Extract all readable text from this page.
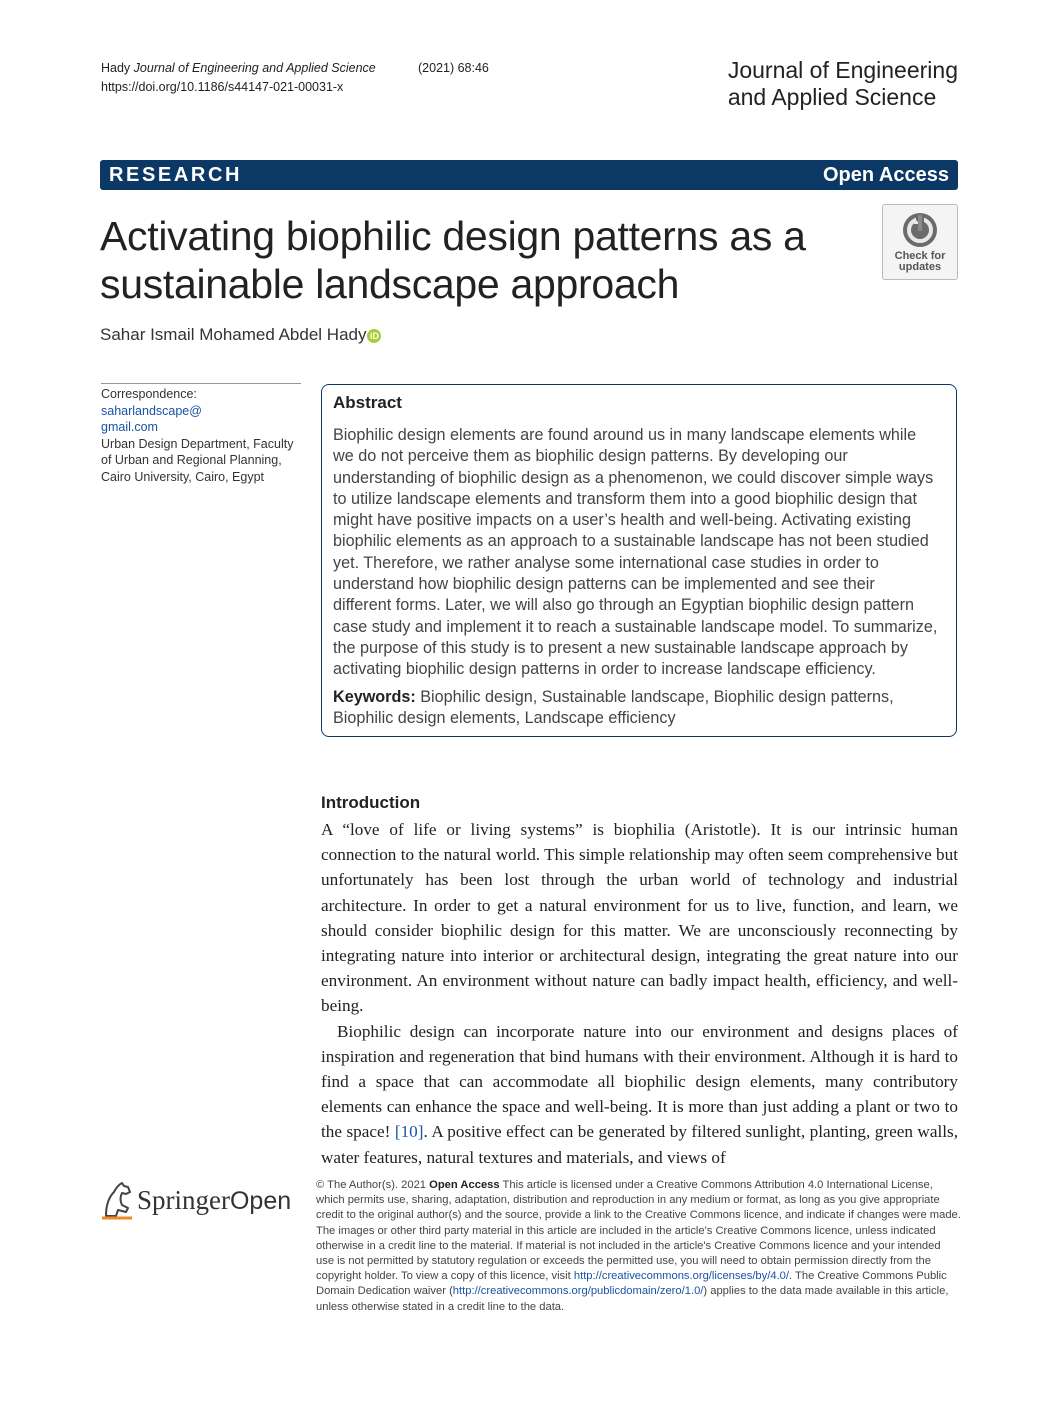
Hady Journal of Engineering and Applied Science	(2021) 68:46
https://doi.org/10.1186/s44147-021-00031-x
Journal of Engineering
and Applied Science
RESEARCH	Open Access
Activating biophilic design patterns as a
sustainable landscape approach
Check for
updates
Sahar Ismail Mohamed Abdel Hady iD
Correspondence: saharlandscape@
gmail.com
Urban Design Department, Faculty
of Urban and Regional Planning,
Cairo University, Cairo, Egypt
Abstract
Biophilic design elements are found around us in many landscape elements while
we do not perceive them as biophilic design patterns. By developing our
understanding of biophilic design as a phenomenon, we could discover simple ways
to utilize landscape elements and transform them into a good biophilic design that
might have positive impacts on a user’s health and well-being. Activating existing
biophilic elements as an approach to a sustainable landscape has not been studied
yet. Therefore, we rather analyse some international case studies in order to
understand how biophilic design patterns can be implemented and see their
different forms. Later, we will also go through an Egyptian biophilic design pattern
case study and implement it to reach a sustainable landscape model. To summarize,
the purpose of this study is to present a new sustainable landscape approach by
activating biophilic design patterns in order to increase landscape efficiency.
Keywords: Biophilic design, Sustainable landscape, Biophilic design patterns,
Biophilic design elements, Landscape efficiency
Introduction

A “love of life or living systems” is biophilia (Aristotle). It is our intrinsic human connection to the natural world. This simple relationship may often seem comprehensive but unfortunately has been lost through the urban world of technology and industrial architecture. In order to get a natural environment for us to live, function, and learn, we should consider biophilic design for this matter. We are unconsciously reconnecting by integrating nature into interior or architectural design, integrating the great nature into our environment. An environment without nature can badly impact health, efficiency, and well-being.

Biophilic design can incorporate nature into our environment and designs places of inspiration and regeneration that bind humans with their environment. Although it is hard to find a space that can accommodate all biophilic design elements, many contributory elements can enhance the space and well-being. It is more than just adding a plant or two to the space! [10]. A positive effect can be generated by filtered sunlight, planting, green walls, water features, natural textures and materials, and views of

SpringerOpen
© The Author(s). 2021 Open Access This article is licensed under a Creative Commons Attribution 4.0 International License, which permits use, sharing, adaptation, distribution and reproduction in any medium or format, as long as you give appropriate credit to the original author(s) and the source, provide a link to the Creative Commons licence, and indicate if changes were made. The images or other third party material in this article are included in the article's Creative Commons licence, unless indicated otherwise in a credit line to the material. If material is not included in the article's Creative Commons licence and your intended use is not permitted by statutory regulation or exceeds the permitted use, you will need to obtain permission directly from the copyright holder. To view a copy of this licence, visit http://creativecommons.org/licenses/by/4.0/. The Creative Commons Public Domain Dedication waiver (http://creativecommons.org/publicdomain/zero/1.0/) applies to the data made available in this article, unless otherwise stated in a credit line to the data.
